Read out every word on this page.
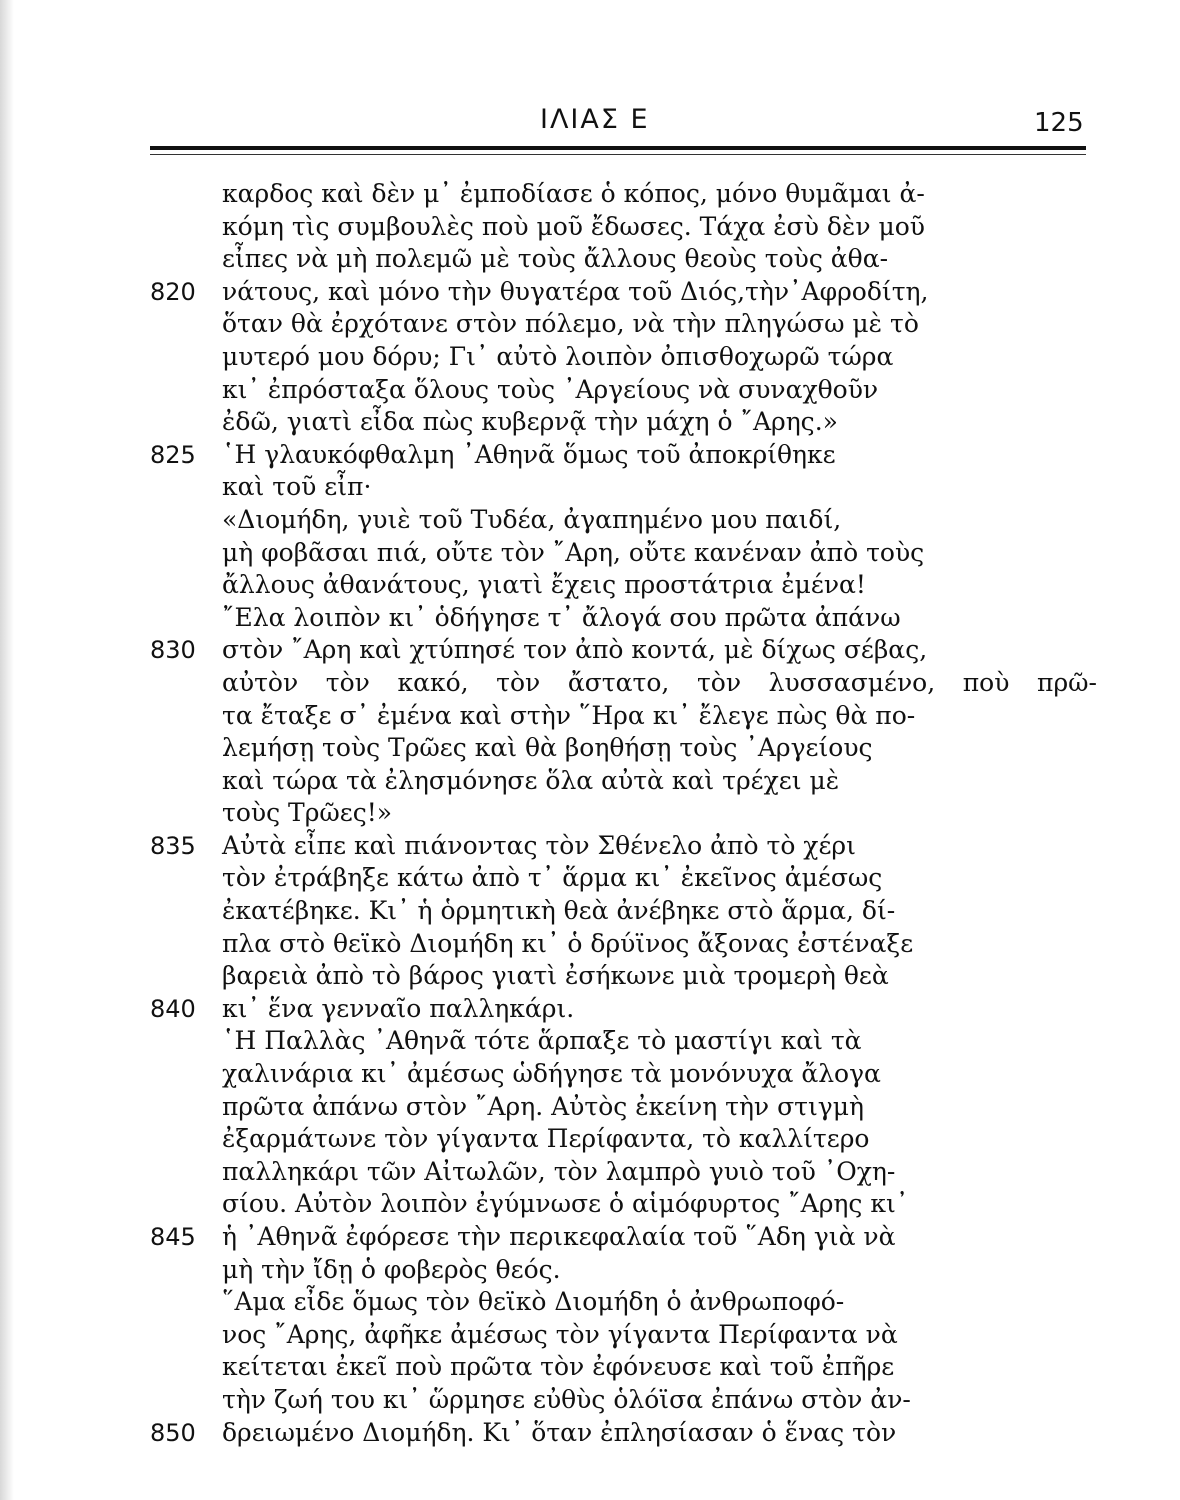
ΙΛΙΑΣ Ε	125
καρδος καὶ δὲν μ᾿ ἐμποδίασε ὁ κόπος, μόνο θυμᾶμαι ἀ-
κόμη τὶς συμβουλὲς ποὺ μοῦ ἔδωσες. Τάχα ἐσὺ δὲν μοῦ
εἶπες νὰ μὴ πολεμῶ μὲ τοὺς ἄλλους θεοὺς τοὺς ἀθα-
820	νάτους, καὶ μόνο τὴν θυγατέρα τοῦ Διός,τὴν᾿Αφροδίτη,
ὅταν θὰ ἐρχότανε στὸν πόλεμο, νὰ τὴν πληγώσω μὲ τὸ
μυτερό μου δόρυ; Γι᾿ αὐτὸ λοιπὸν ὀπισθοχωρῶ τώρα
κι᾿ ἐπρόσταξα ὅλους τοὺς ᾿Αργείους νὰ συναχθοῦν
ἐδῶ, γιατὶ εἶδα πὼς κυβερνᾷ τὴν μάχη ὁ ῎Αρης.»
825	῾Η γλαυκόφθαλμη ᾿Αθηνᾶ ὅμως τοῦ ἀποκρίθηκε
καὶ τοῦ εἶπ·
«Διομήδη, γυιὲ τοῦ Τυδέα, ἀγαπημένο μου παιδί,
μὴ φοβᾶσαι πιά, οὔτε τὸν ῎Αρη, οὔτε κανέναν ἀπὸ τοὺς
ἄλλους ἀθανάτους, γιατὶ ἔχεις προστάτρια ἐμένα!
῎Ελα λοιπὸν κι᾿ ὁδήγησε τ᾿ ἄλογά σου πρῶτα ἀπάνω
830	στὸν ῎Αρη καὶ χτύπησέ τον ἀπὸ κοντά, μὲ δίχως σέβας,
αὐτὸν τὸν κακό, τὸν ἄστατο, τὸν λυσσασμένο, ποὺ πρῶ-
τα ἔταξε σ᾿ ἐμένα καὶ στὴν ῞Ηρα κι᾿ ἔλεγε πὼς θὰ πο-
λεμήσῃ τοὺς Τρῶες καὶ θὰ βοηθήσῃ τοὺς ᾿Αργείους
καὶ τώρα τὰ ἐλησμόνησε ὅλα αὐτὰ καὶ τρέχει μὲ
τοὺς Τρῶες!»
835	Αὐτὰ εἶπε καὶ πιάνοντας τὸν Σθένελο ἀπὸ τὸ χέρι
τὸν ἐτράβηξε κάτω ἀπὸ τ᾿ ἅρμα κι᾿ ἐκεῖνος ἀμέσως
ἐκατέβηκε. Κι᾿ ἡ ὁρμητικὴ θεὰ ἀνέβηκε στὸ ἅρμα, δί-
πλα στὸ θεϊκὸ Διομήδη κι᾿ ὁ δρύϊνος ἄξονας ἐστέναξε
βαρειὰ ἀπὸ τὸ βάρος γιατὶ ἐσήκωνε μιὰ τρομερὴ θεὰ
840	κι᾿ ἕνα γενναῖο παλληκάρι.
῾Η Παλλὰς ᾿Αθηνᾶ τότε ἅρπαξε τὸ μαστίγι καὶ τὰ
χαλινάρια κι᾿ ἀμέσως ὡδήγησε τὰ μονόνυχα ἄλογα
πρῶτα ἀπάνω στὸν ῎Αρη. Αὐτὸς ἐκείνη τὴν στιγμὴ
ἐξαρμάτωνε τὸν γίγαντα Περίφαντα, τὸ καλλίτερο
παλληκάρι τῶν Αἰτωλῶν, τὸν λαμπρὸ γυιὸ τοῦ ᾿Οχη-
σίου. Αὐτὸν λοιπὸν ἐγύμνωσε ὁ αἱμόφυρτος ῎Αρης κι᾿
845	ἡ ᾿Αθηνᾶ ἐφόρεσε τὴν περικεφαλαία τοῦ ῞Αδη γιὰ νὰ
μὴ τὴν ἴδῃ ὁ φοβερὸς θεός.
῞Αμα εἶδε ὅμως τὸν θεϊκὸ Διομήδη ὁ ἀνθρωποφό-
νος ῎Αρης, ἀφῆκε ἀμέσως τὸν γίγαντα Περίφαντα νὰ
κείτεται ἐκεῖ ποὺ πρῶτα τὸν ἐφόνευσε καὶ τοῦ ἐπῆρε
τὴν ζωή του κι᾿ ὥρμησε εὐθὺς ὁλόϊσα ἐπάνω στὸν ἀν-
850	δρειωμένο Διομήδη. Κι᾿ ὅταν ἐπλησίασαν ὁ ἕνας τὸν
